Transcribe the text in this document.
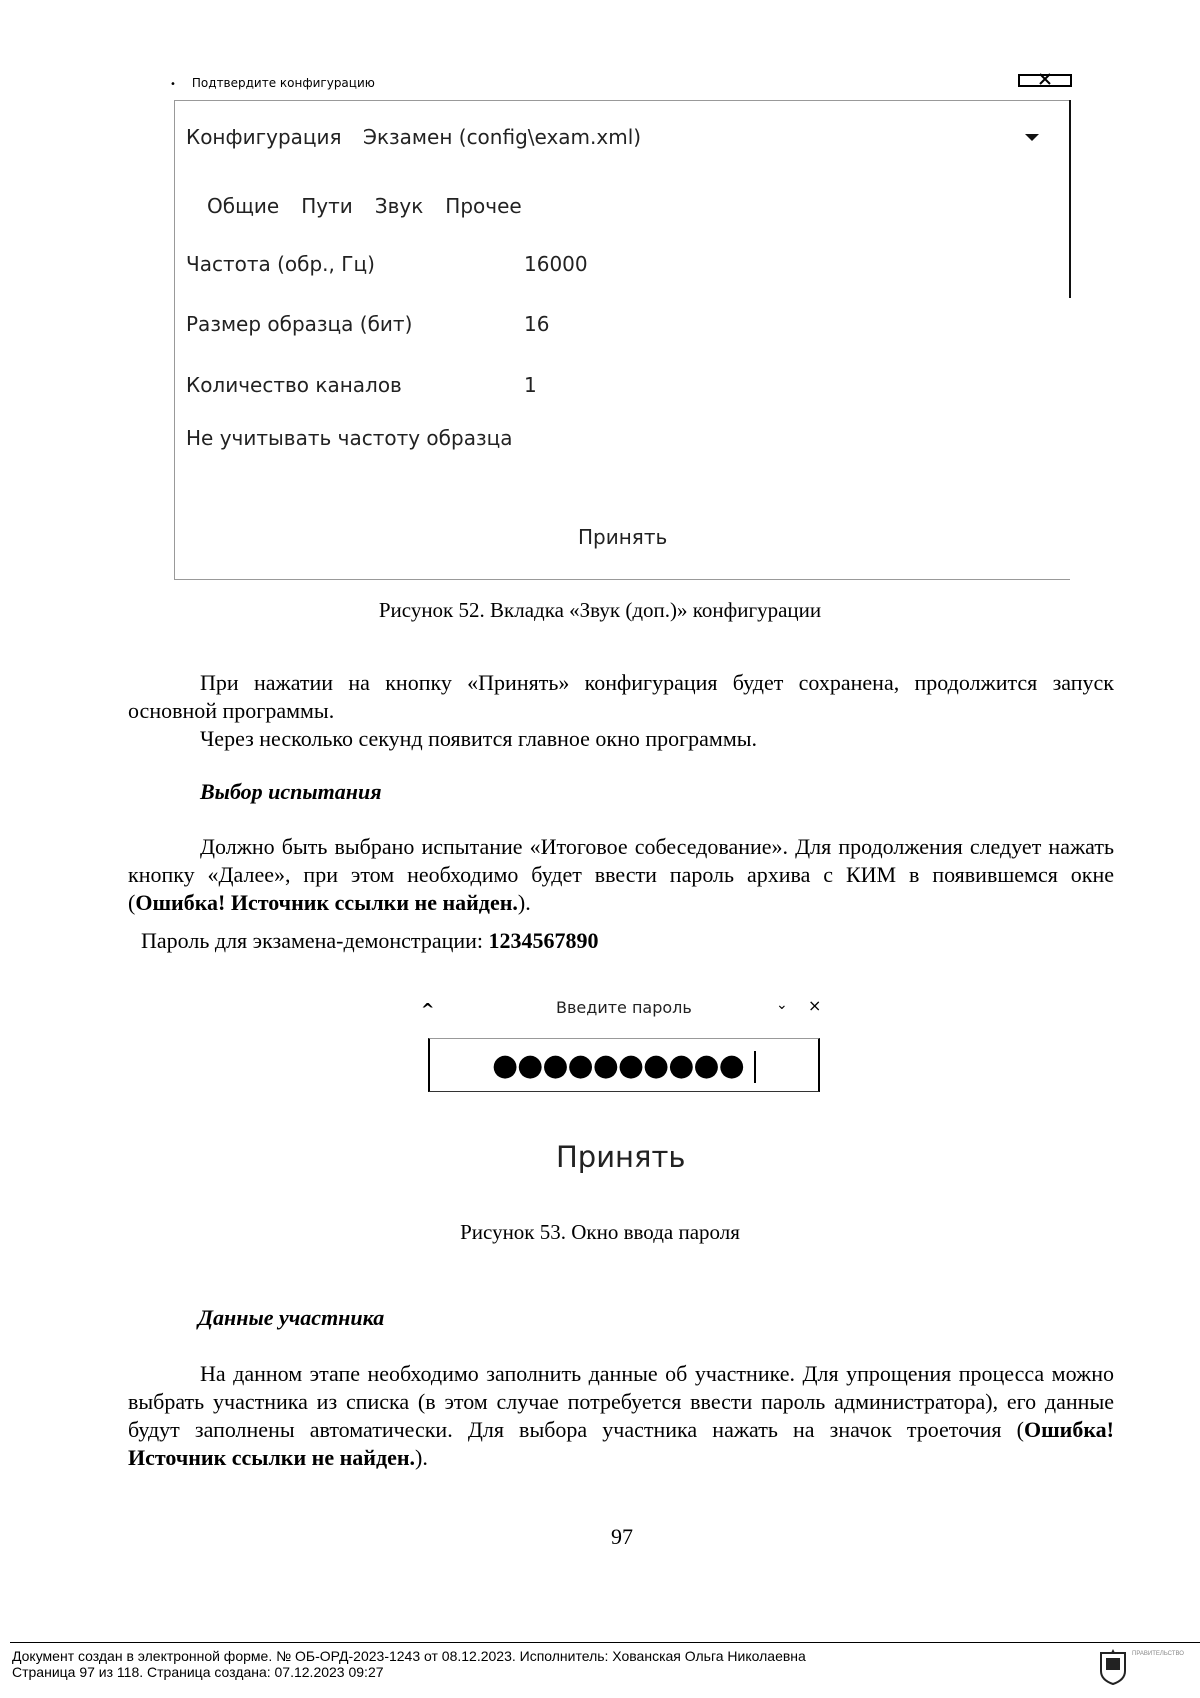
• Подтвердите конфигурацию
Конфигурация Экзамен (config\exam.xml)
Общие Пути Звук Прочее
Частота (обр., Гц)	16000
Размер образца (бит)	16
Количество каналов	1
Не учитывать частоту образца
Принять
Рисунок 52. Вкладка «Звук (доп.)» конфигурации
При нажатии на кнопку «Принять» конфигурация будет сохранена, продолжится запуск основной программы.
Через несколько секунд появится главное окно программы.
Выбор испытания
Должно быть выбрано испытание «Итоговое собеседование». Для продолжения следует нажать кнопку «Далее», при этом необходимо будет ввести пароль архива с КИМ в появившемся окне (Ошибка! Источник ссылки не найден.).
Пароль для экзамена-демонстрации: 1234567890
^	Введите пароль	⌄ ×
●●●●●●●●●●
Принять
Рисунок 53. Окно ввода пароля
Данные участника
На данном этапе необходимо заполнить данные об участнике. Для упрощения процесса можно выбрать участника из списка (в этом случае потребуется ввести пароль администратора), его данные будут заполнены автоматически. Для выбора участника нажать на значок троеточия (Ошибка! Источник ссылки не найден.).
97
Документ создан в электронной форме. № ОБ-ОРД-2023-1243 от 08.12.2023. Исполнитель: Хованская Ольга Николаевна
Страница 97 из 118. Страница создана: 07.12.2023 09:27
ПРАВИТЕЛЬСТВО
